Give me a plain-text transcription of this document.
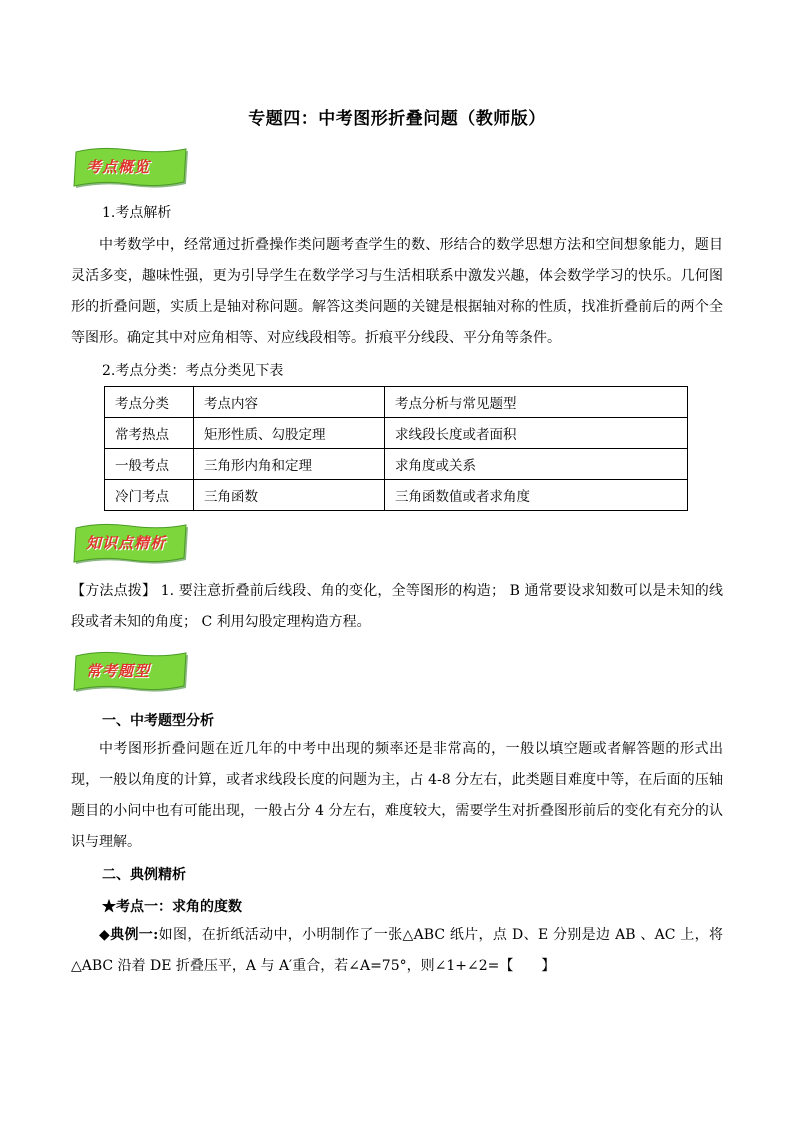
专题四：中考图形折叠问题（教师版）
考点概览
1.考点解析
中考数学中，经常通过折叠操作类问题考查学生的数、形结合的数学思想方法和空间想象能力，题目灵活多变，趣味性强，更为引导学生在数学学习与生活相联系中激发兴趣，体会数学学习的快乐。几何图形的折叠问题，实质上是轴对称问题。解答这类问题的关键是根据轴对称的性质，找准折叠前后的两个全等图形。确定其中对应角相等、对应线段相等。折痕平分线段、平分角等条件。
2.考点分类：考点分类见下表
考点分类	考点内容	考点分析与常见题型
常考热点	矩形性质、勾股定理	求线段长度或者面积
一般考点	三角形内角和定理	求角度或关系
冷门考点	三角函数	三角函数值或者求角度
知识点精析
【方法点拨】 1. 要注意折叠前后线段、角的变化，全等图形的构造； B 通常要设求知数可以是未知的线段或者未知的角度； C 利用勾股定理构造方程。
常考题型
一、中考题型分析
中考图形折叠问题在近几年的中考中出现的频率还是非常高的，一般以填空题或者解答题的形式出现，一般以角度的计算，或者求线段长度的问题为主，占 4-8 分左右，此类题目难度中等，在后面的压轴题目的小问中也有可能出现，一般占分 4 分左右，难度较大，需要学生对折叠图形前后的变化有充分的认识与理解。
二、典例精析
★考点一：求角的度数
◆典例一:如图，在折纸活动中，小明制作了一张△ABC 纸片，点 D、E 分别是边 AB 、AC 上，将△ABC 沿着 DE 折叠压平，A 与 A′重合，若∠A=75°，则∠1+∠2=【　　】
